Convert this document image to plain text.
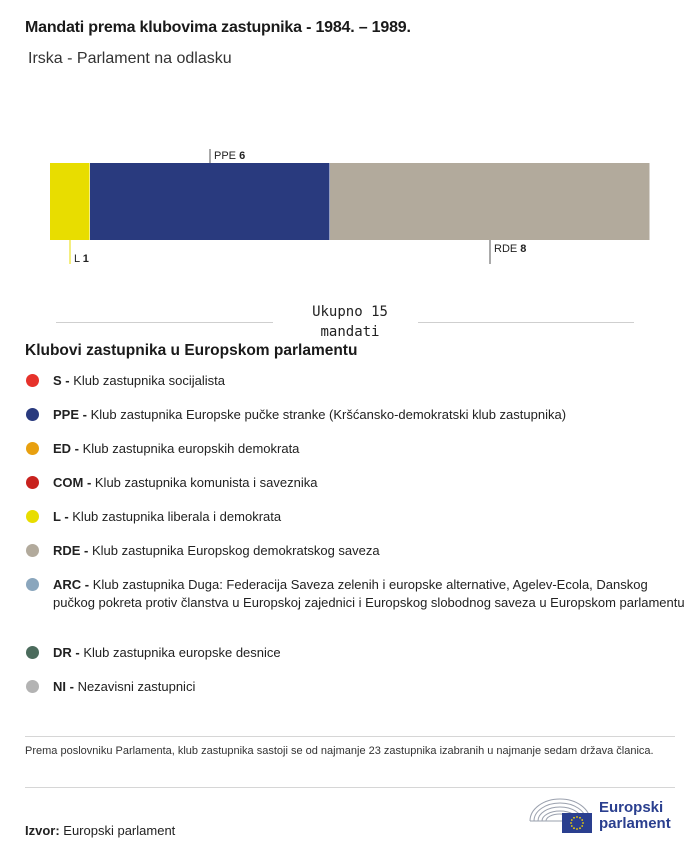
Mandati prema klubovima zastupnika - 1984. – 1989.
Irska - Parlament na odlasku
L 1
PPE 6
RDE 8
Ukupno 15
mandati
Klubovi zastupnika u Europskom parlamentu
S - Klub zastupnika socijalista
PPE - Klub zastupnika Europske pučke stranke (Kršćansko-demokratski klub zastupnika)
ED - Klub zastupnika europskih demokrata
COM - Klub zastupnika komunista i saveznika
L - Klub zastupnika liberala i demokrata
RDE - Klub zastupnika Europskog demokratskog saveza
ARC - Klub zastupnika Duga: Federacija Saveza zelenih i europske alternative, Agelev-Ecola, Danskog pučkog pokreta protiv članstva u Europskoj zajednici i Europskog slobodnog saveza u Europskom parlamentu
DR - Klub zastupnika europske desnice
NI - Nezavisni zastupnici
Prema poslovniku Parlamenta, klub zastupnika sastoji se od najmanje 23 zastupnika izabranih u najmanje sedam država članica.
Izvor: Europski parlament
Europski
parlament
